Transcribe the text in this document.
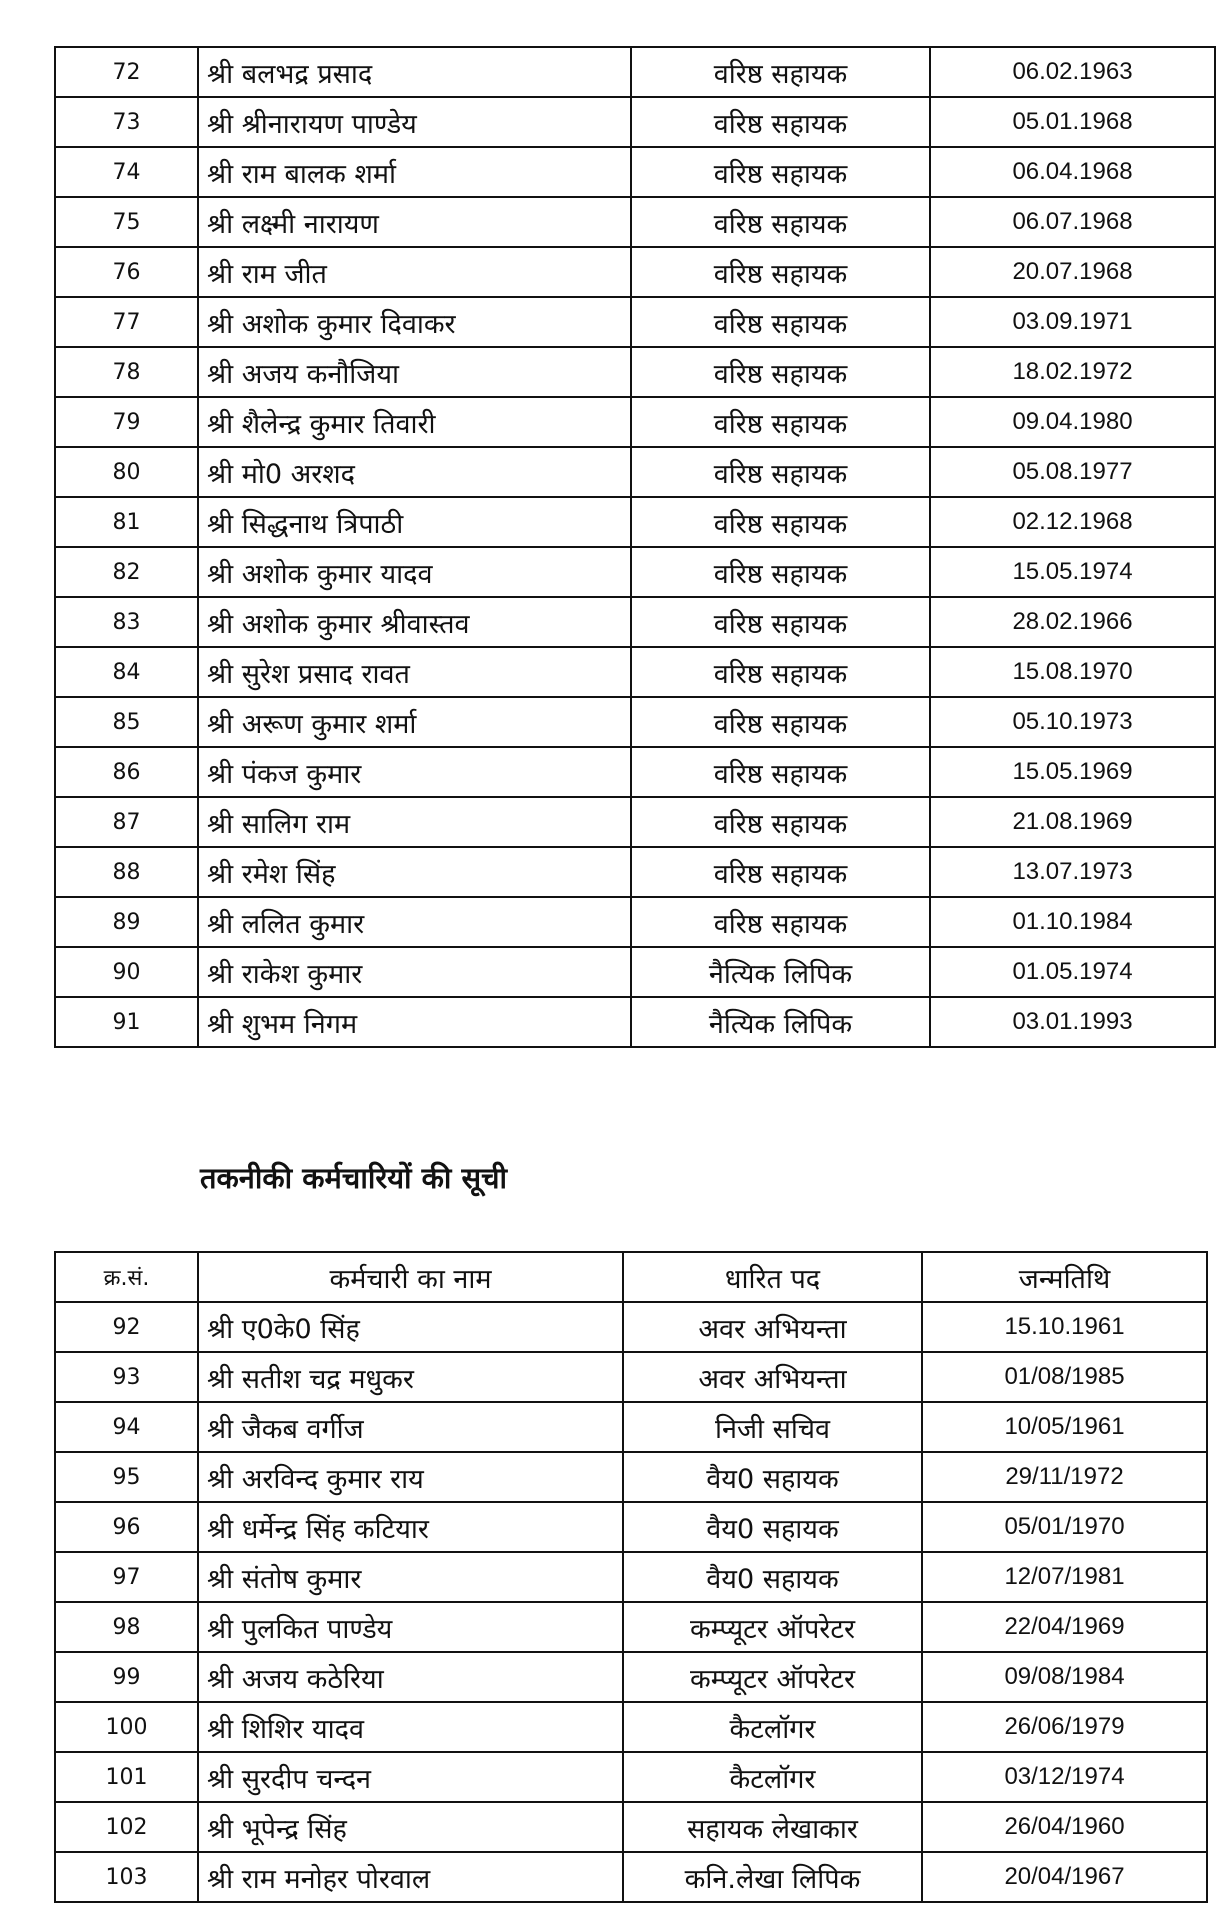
72	श्री बलभद्र प्रसाद	वरिष्ठ सहायक	06.02.1963
73	श्री श्रीनारायण पाण्डेय	वरिष्ठ सहायक	05.01.1968
74	श्री राम बालक शर्मा	वरिष्ठ सहायक	06.04.1968
75	श्री लक्ष्मी नारायण	वरिष्ठ सहायक	06.07.1968
76	श्री राम जीत	वरिष्ठ सहायक	20.07.1968
77	श्री अशोक कुमार दिवाकर	वरिष्ठ सहायक	03.09.1971
78	श्री अजय कनौजिया	वरिष्ठ सहायक	18.02.1972
79	श्री शैलेन्द्र कुमार तिवारी	वरिष्ठ सहायक	09.04.1980
80	श्री मो0 अरशद	वरिष्ठ सहायक	05.08.1977
81	श्री सिद्धनाथ त्रिपाठी	वरिष्ठ सहायक	02.12.1968
82	श्री अशोक कुमार यादव	वरिष्ठ सहायक	15.05.1974
83	श्री अशोक कुमार श्रीवास्तव	वरिष्ठ सहायक	28.02.1966
84	श्री सुरेश प्रसाद रावत	वरिष्ठ सहायक	15.08.1970
85	श्री अरूण कुमार शर्मा	वरिष्ठ सहायक	05.10.1973
86	श्री पंकज कुमार	वरिष्ठ सहायक	15.05.1969
87	श्री सालिग राम	वरिष्ठ सहायक	21.08.1969
88	श्री रमेश सिंह	वरिष्ठ सहायक	13.07.1973
89	श्री ललित कुमार	वरिष्ठ सहायक	01.10.1984
90	श्री राकेश कुमार	नैत्यिक लिपिक	01.05.1974
91	श्री शुभम निगम	नैत्यिक लिपिक	03.01.1993
तकनीकी कर्मचारियों की सूची
क्र.सं.	कर्मचारी का नाम	धारित पद	जन्मतिथि
92	श्री ए0के0 सिंह	अवर अभियन्ता	15.10.1961
93	श्री सतीश चद्र मधुकर	अवर अभियन्ता	01/08/1985
94	श्री जैकब वर्गीज	निजी सचिव	10/05/1961
95	श्री अरविन्द कुमार राय	वैय0 सहायक	29/11/1972
96	श्री धर्मेन्द्र सिंह कटियार	वैय0 सहायक	05/01/1970
97	श्री संतोष कुमार	वैय0 सहायक	12/07/1981
98	श्री पुलकित पाण्डेय	कम्प्यूटर ऑपरेटर	22/04/1969
99	श्री अजय कठेरिया	कम्प्यूटर ऑपरेटर	09/08/1984
100	श्री शिशिर यादव	कैटलॉगर	26/06/1979
101	श्री सुरदीप चन्दन	कैटलॉगर	03/12/1974
102	श्री भूपेन्द्र सिंह	सहायक लेखाकार	26/04/1960
103	श्री राम मनोहर पोरवाल	कनि.लेखा लिपिक	20/04/1967
